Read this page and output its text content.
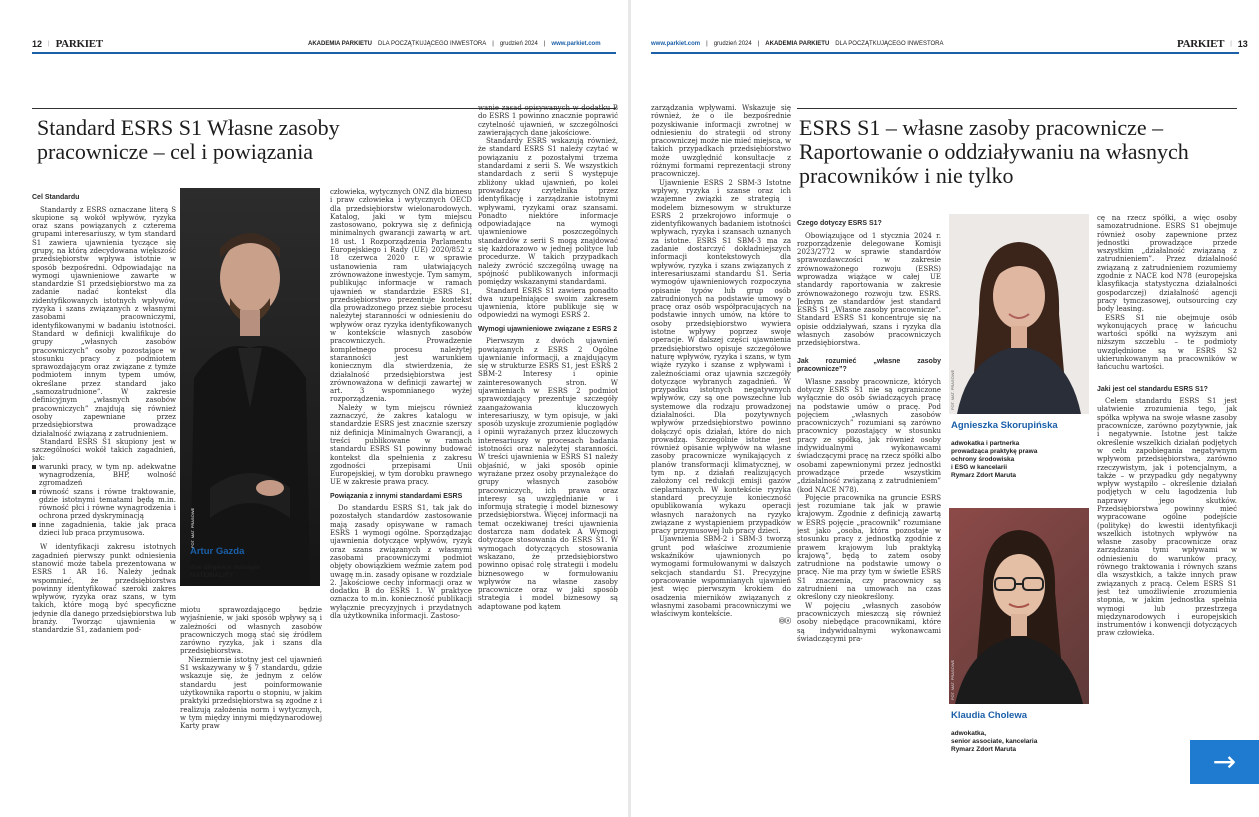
12 | PARKIET	AKADEMIA PARKIETU DLA POCZĄTKUJĄCEGO INWESTORA | grudzień 2024 | www.parkiet.com
Standard ESRS S1 Własne zasoby pracownicze – cel i powiązania
Cel Standardu

Standardy z ESRS oznaczane literą S skupione są wokół wpływów, ryzyka oraz szans powiązanych z czterema grupami interesariuszy, w tym standard S1 zawiera ujawnienia tyczące się grupy, na którą zdecydowana większość przedsiębiorstw wpływa istotnie w sposób bezpośredni. Odpowiadając na wymogi ujawnieniowe zawarte w standardzie S1 przedsiębiorstwo ma za zadanie nadać kontekst dla zidentyfikowanych istotnych wpływów, ryzyka i szans związanych z własnymi zasobami pracowniczymi, identyfikowanymi w badaniu istotności. Standard w definicji kwalifikuje do grupy „własnych zasobów pracowniczych” osoby pozostające w stosunku pracy z podmiotem sprawozdającym oraz związane z tymże podmiotem innym typem umów, określane przez standard jako „samozatrudnione”. W zakresie definicyjnym „własnych zasobów pracowniczych” znajdują się również osoby zapewniane przez przedsiębiorstwa prowadzące działalność związaną z zatrudnieniem.

Standard ESRS S1 skupiony jest w szczególności wokół takich zagadnień, jak:

warunki pracy, w tym np. adekwatne wynagrodzenia, BHP, wolność zgromadzeń
równość szans i równe traktowanie, gdzie istotnymi tematami będą m.in. równość płci i równe wynagrodzenia i ochrona przed dyskryminacją
inne zagadnienia, takie jak praca dzieci lub praca przymusowa.

W identyfikacji zakresu istotnych zagadnień pierwszy punkt odniesienia stanowić może tabela prezentowana w ESRS 1 AR 16. Należy jednak wspomnieć, że przedsiębiorstwa powinny identyfikować szeroki zakres wpływów, ryzyka oraz szans, w tym takich, które mogą być specyficzne jedynie dla danego przedsiębiorstwa lub branży. Tworząc ujawnienia w standardzie S1, zadaniem pod-

FOT. MAT. PRASOWE
Artur Gazda
due diligence manager
MATERIALITY

miotu sprawozdającego będzie wyjaśnienie, w jaki sposób wpływy są i zależności od własnych zasobów pracowniczych mogą stać się źródłem zarówno ryzyka, jak i szans dla przedsiębiorstwa.

Niezmiernie istotny jest cel ujawnień S1 wskazywany w § 7 standardu, gdzie wskazuje się, że jednym z celów standardu jest poinformowanie użytkownika raportu o stopniu, w jakim praktyki przedsiębiorstwa są zgodne z i realizują założenia norm i wytycznych, w tym między innymi międzynarodowej Karty praw

człowieka, wytycznych ONZ dla biznesu i praw człowieka i wytycznych OECD dla przedsiębiorstw wielonarodowych. Katalog, jaki w tym miejscu zastosowano, pokrywa się z definicją minimalnych gwarancji zawartą w art. 18 ust. 1 Rozporządzenia Parlamentu Europejskiego i Rady (UE) 2020/852 z 18 czerwca 2020 r. w sprawie ustanowienia ram ułatwiających zrównoważone inwestycje. Tym samym, publikując informacje w ramach ujawnień w standardzie ESRS S1, przedsiębiorstwo prezentuje kontekst dla prowadzonego przez siebie procesu należytej staranności w odniesieniu do wpływów oraz ryzyka identyfikowanych w kontekście własnych zasobów pracowniczych. Prowadzenie kompletnego procesu należytej staranności jest warunkiem koniecznym dla stwierdzenia, że działalność przedsiębiorstwa jest zrównoważona w definicji zawartej w art. 3 wspomnianego wyżej rozporządzenia.

Należy w tym miejscu również zaznaczyć, że zakres katalogu w standardzie ESRS jest znacznie szerszy niż definicja Minimalnych Gwarancji, a treści publikowane w ramach standardu ESRS S1 powinny budować kontekst dla spełnienia z zakresu zgodności przepisami Unii Europejskiej, w tym dorobku prawnego UE w zakresie prawa pracy.

Powiązania z innymi standardami ESRS

Do standardu ESRS S1, tak jak do pozostałych standardów zastosowanie mają zasady opisywane w ramach ESRS 1 wymogi ogólne. Sporządzając ujawnienia dotyczące wpływów, ryzyk oraz szans związanych z własnymi zasobami pracowniczymi podmiot objęty obowiązkiem weźmie zatem pod uwagę m.in. zasady opisane w rozdziale 2. Jakościowe cechy informacji oraz w dodatku B do ESRS 1. W praktyce oznacza to m.in. konieczność publikacji wyłącznie precyzyjnych i przydatnych dla użytkownika informacji. Zastoso-

wanie zasad opisywanych w dodatku B do ESRS 1 powinno znacznie poprawić czytelność ujawnień, w szczególności zawierających dane jakościowe.

Standardy ESRS wskazują również, że standard ESRS S1 należy czytać w powiązaniu z pozostałymi trzema standardami z serii S. We wszystkich standardach z serii S występuje zbliżony układ ujawnień, po kolei prowadzący czytelnika przez identyfikację i zarządzanie istotnymi wpływami, ryzykami oraz szansami. Ponadto niektóre informacje odpowiadające na wymogi ujawnieniowe poszczególnych standardów z serii S mogą znajdować się każdorazowo w jednej polityce lub procedurze. W takich przypadkach należy zwrócić szczególną uwagę na spójność publikowanych informacji pomiędzy wskazanymi standardami.

Standard ESRS S1 zawiera ponadto dwa uzupełniające swoim zakresem ujawnienia, które publikuje się w odpowiedzi na wymogi ESRS 2.

Wymogi ujawnieniowe związane z ESRS 2

Pierwszym z dwóch ujawnień powiązanych z ESRS 2 Ogólne ujawnianie informacji, a znajdującym się w strukturze ESRS S1, jest ESRS 2 SBM-2 Interesy i opinie zainteresowanych stron. W ujawnieniach w ESRS 2 podmiot sprawozdający prezentuje szczegóły zaangażowania kluczowych interesariuszy, w tym opisuje, w jaki sposób uzyskuje zrozumienie poglądów i opinii wyrażanych przez kluczowych interesariuszy w procesach badania istotności oraz należytej staranności. W treści ujawnienia w ESRS S1 należy objaśnić, w jaki sposób opinie wyrażane przez osoby przynależące do grupy własnych zasobów pracowniczych, ich prawa oraz interesy są uwzględnianie w i informują strategię i model biznesowy przedsiębiorstwa. Więcej informacji na temat oczekiwanej treści ujawnienia dostarcza nam dodatek A Wymogi dotyczące stosowania do ESRS S1. W wymogach dotyczących stosowania wskazano, że przedsiębiorstwo powinno opisać rolę strategii i modelu biznesowego w formułowaniu wpływów na własne zasoby pracownicze oraz w jaki sposób strategia i model biznesowy są adaptowane pod kątem

www.parkiet.com | grudzień 2024 | AKADEMIA PARKIETU DLA POCZĄTKUJĄCEGO INWESTORA	PARKIET | 13

zarządzania wpływami. Wskazuje się również, że o ile bezpośrednie pozyskiwanie informacji zwrotnej w odniesieniu do strategii od strony pracowniczej może nie mieć miejsca, w takich przypadkach przedsiębiorstwo może uwzględnić konsultacje z różnymi formami reprezentacji strony pracowniczej.

Ujawnienie ESRS 2 SBM-3 Istotne wpływy, ryzyka i szanse oraz ich wzajemne związki ze strategią i modelem biznesowym w strukturze ESRS 2 przekrojowo informuje o zidentyfikowanych badaniem istotności wpływach, ryzyka i szansach uznanych za istotne. ESRS S1 SBM-3 ma za zadanie dostarczyć dokładniejszych informacji kontekstowych dla wpływów, ryzyka i szans związanych z interesariuszami standardu S1. Seria wymogów ujawnieniowych rozpoczyna opisanie typów lub grup osób zatrudnionych na podstawie umowy o pracę oraz osób współpracujących na podstawie innych umów, na które to osoby przedsiębiorstwo wywiera istotne wpływy poprzez swoje operacje. W dalszej części ujawnienia przedsiębiorstwo opisuje szczegółowe naturę wpływów, ryzyka i szans, w tym wiąże ryzyko i szanse z wpływami i zależnościami oraz ujawnia szczegóły dotyczące wybranych zagadnień. W przypadku istotnych negatywnych wpływów, czy są one powszechne lub systemowe dla rodzaju prowadzonej działalności. Dla pozytywnych wpływów przedsiębiorstwo powinno dołączyć opis działań, które do nich prowadzą. Szczególnie istotne jest również opisanie wpływów na własne zasoby pracownicze wynikających z planów transformacji klimatycznej, w tym np. z działań realizujących założony cel redukcji emisji gazów cieplarnianych. W kontekście ryzyka standard precyzuje konieczność opublikowania wykazu operacji własnych narażonych na ryzyko związane z wystąpieniem przypadków pracy przymusowej lub pracy dzieci.

Ujawnienia SBM-2 i SBM-3 tworzą grunt pod właściwe zrozumienie wskaźników ujawnionych po wymogami formułowanymi w dalszych sekcjach standardu S1. Precyzyjne opracowanie wspomnianych ujawnień jest więc pierwszym krokiem do osadzenia mierników związanych z własnymi zasobami pracowniczymi we właściwym kontekście.

Ⓞⓢ
ESRS S1 – własne zasoby pracownicze – Raportowanie o oddziaływaniu na własnych pracowników i nie tylko
Czego dotyczy ESRS S1?

Obowiązujące od 1 stycznia 2024 r. rozporządzenie delegowane Komisji 2023/2772 w sprawie standardów sprawozdawczości w zakresie zrównoważonego rozwoju (ESRS) wprowadza wiążące w całej UE standardy raportowania w zakresie zrównoważonego rozwoju tzw. ESRS. Jednym ze standardów jest standard ESRS S1 „Własne zasoby pracownicze”. Standard ESRS S1 koncentruje się na opisie oddziaływań, szans i ryzyka dla własnych zasobów pracowniczych przedsiębiorstwa.

Jak rozumieć „własne zasoby pracownicze”?

Własne zasoby pracownicze, których dotyczy ESRS S1 nie są ograniczone wyłącznie do osób świadczących pracę na podstawie umów o pracę. Pod pojęciem „własnych zasobów pracowniczych” rozumiani są zarówno pracownicy pozostający w stosunku pracy ze spółką, jak również osoby indywidualnymi wykonawcami świadczącymi pracę na rzecz spółki albo osobami zapewnionymi przez jednostki prowadzące przede wszystkim „działalność związaną z zatrudnieniem” (kod NACE N78).

Pojęcie pracownika na gruncie ESRS jest rozumiane tak jak w prawie krajowym. Zgodnie z definicją zawartą w ESRS pojęcie „pracownik” rozumiane jest jako „osoba, która pozostaje w stosunku pracy z jednostką zgodnie z prawem krajowym lub praktyką krajową”, będą to zatem osoby zatrudnione na podstawie umowy o pracę. Nie ma przy tym w świetle ESRS S1 znaczenia, czy pracownicy są zatrudnieni na umowach na czas określony czy nieokreślony.

W pojęciu „własnych zasobów pracowniczych mieszczą się również osoby niebędące pracownikami, które są indywidualnymi wykonawcami świadczącymi pra-

FOT. MAT. PRASOWE
Agnieszka Skorupińska
adwokatka i partnerka
prowadząca praktykę prawa
ochrony środowiska
i ESG w kancelarii
Rymarz Zdort Maruta
FOT. MAT. PRASOWE
Klaudia Cholewa
adwokatka,
senior associate, kancelaria
Rymarz Zdort Maruta

cę na rzecz spółki, a więc osoby samozatrudnione. ESRS S1 obejmuje również osoby zapewnione przez jednostki prowadzące przede wszystkim „działalność związaną z zatrudnieniem”. Przez działalność związaną z zatrudnieniem rozumiemy zgodnie z NACE kod N78 (europejska klasyfikacja statystyczna działalności gospodarczej) działalność agencji pracy tymczasowej, outsourcing czy body leasing.

ESRS S1 nie obejmuje osób wykonujących pracę w łańcuchu wartości spółki na wyższym ani niższym szczeblu – te podmioty uwzględnione są w ESRS S2 ukierunkowanym na pracowników w łańcuchu wartości.

Jaki jest cel standardu ESRS S1?

Celem standardu ESRS S1 jest ułatwienie zrozumienia tego, jak spółka wpływa na swoje własne zasoby pracownicze, zarówno pozytywnie, jak i negatywnie. Istotne jest także określenie wszelkich działań podjętych w celu zapobiegania negatywnym wpływom przedsiębiorstwa, zarówno rzeczywistym, jak i potencjalnym, a także – w przypadku gdy negatywny wpływ wystąpiło – określenie działań podjętych w celu łagodzenia lub naprawy jego skutków. Przedsiębiorstwa powinny mieć wypracowane ogólne podejście (politykę) do kwestii identyfikacji wszelkich istotnych wpływów na własne zasoby pracownicze oraz zarządzania tymi wpływami w odniesieniu do warunków pracy, równego traktowania i równych szans dla wszystkich, a także innych praw związanych z pracą. Celem ESRS S1 jest też umożliwienie zrozumienia stopnia, w jakim jednostka spełnia wymogi lub przestrzega międzynarodowych i europejskich instrumentów i konwencji dotyczących praw człowieka.

→
